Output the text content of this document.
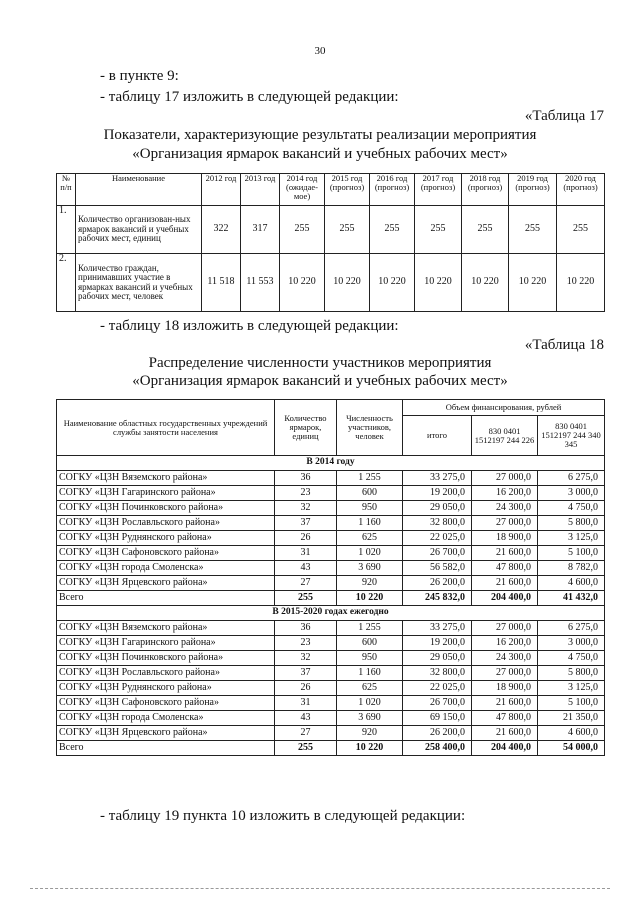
30
- в пункте 9:
- таблицу 17 изложить в следующей редакции:
«Таблица 17
Показатели, характеризующие результаты реализации мероприятия
«Организация ярмарок вакансий и учебных рабочих мест»
№ п/п	Наименование	2012 год	2013 год	2014 год (ожидае-мое)	2015 год (прогноз)	2016 год (прогноз)	2017 год (прогноз)	2018 год (прогноз)	2019 год (прогноз)	2020 год (прогноз)
1.	Количество организован-ных ярмарок вакансий и учебных рабочих мест, единиц	322	317	255	255	255	255	255	255	255
2.	Количество граждан, принимавших участие в ярмарках вакансий и учебных рабочих мест, человек	11 518	11 553	10 220	10 220	10 220	10 220	10 220	10 220	10 220
- таблицу 18 изложить в следующей редакции:
«Таблица 18
Распределение численности участников мероприятия
«Организация ярмарок вакансий и учебных рабочих мест»
Наименование областных государственных учреждений службы занятости населения	Количество ярмарок, единиц	Численность участников, человек	Объем финансирования, рублей		
			итого	830 0401 1512197 244 226	830 0401 1512197 244 340 345
В 2014 году					
СОГКУ «ЦЗН Вяземского района»	36	1 255	33 275,0	27 000,0	6 275,0
СОГКУ «ЦЗН Гагаринского района»	23	600	19 200,0	16 200,0	3 000,0
СОГКУ «ЦЗН Починковского района»	32	950	29 050,0	24 300,0	4 750,0
СОГКУ «ЦЗН Рославльского района»	37	1 160	32 800,0	27 000,0	5 800,0
СОГКУ «ЦЗН Руднянского района»	26	625	22 025,0	18 900,0	3 125,0
СОГКУ «ЦЗН Сафоновского района»	31	1 020	26 700,0	21 600,0	5 100,0
СОГКУ «ЦЗН города Смоленска»	43	3 690	56 582,0	47 800,0	8 782,0
СОГКУ «ЦЗН Ярцевского района»	27	920	26 200,0	21 600,0	4 600,0
Всего	255	10 220	245 832,0	204 400,0	41 432,0
В 2015-2020 годах ежегодно					
СОГКУ «ЦЗН Вяземского района»	36	1 255	33 275,0	27 000,0	6 275,0
СОГКУ «ЦЗН Гагаринского района»	23	600	19 200,0	16 200,0	3 000,0
СОГКУ «ЦЗН Починковского района»	32	950	29 050,0	24 300,0	4 750,0
СОГКУ «ЦЗН Рославльского района»	37	1 160	32 800,0	27 000,0	5 800,0
СОГКУ «ЦЗН Руднянского района»	26	625	22 025,0	18 900,0	3 125,0
СОГКУ «ЦЗН Сафоновского района»	31	1 020	26 700,0	21 600,0	5 100,0
СОГКУ «ЦЗН города Смоленска»	43	3 690	69 150,0	47 800,0	21 350,0
СОГКУ «ЦЗН Ярцевского района»	27	920	26 200,0	21 600,0	4 600,0
Всего	255	10 220	258 400,0	204 400,0	54 000,0
- таблицу 19 пункта 10 изложить в следующей редакции:
